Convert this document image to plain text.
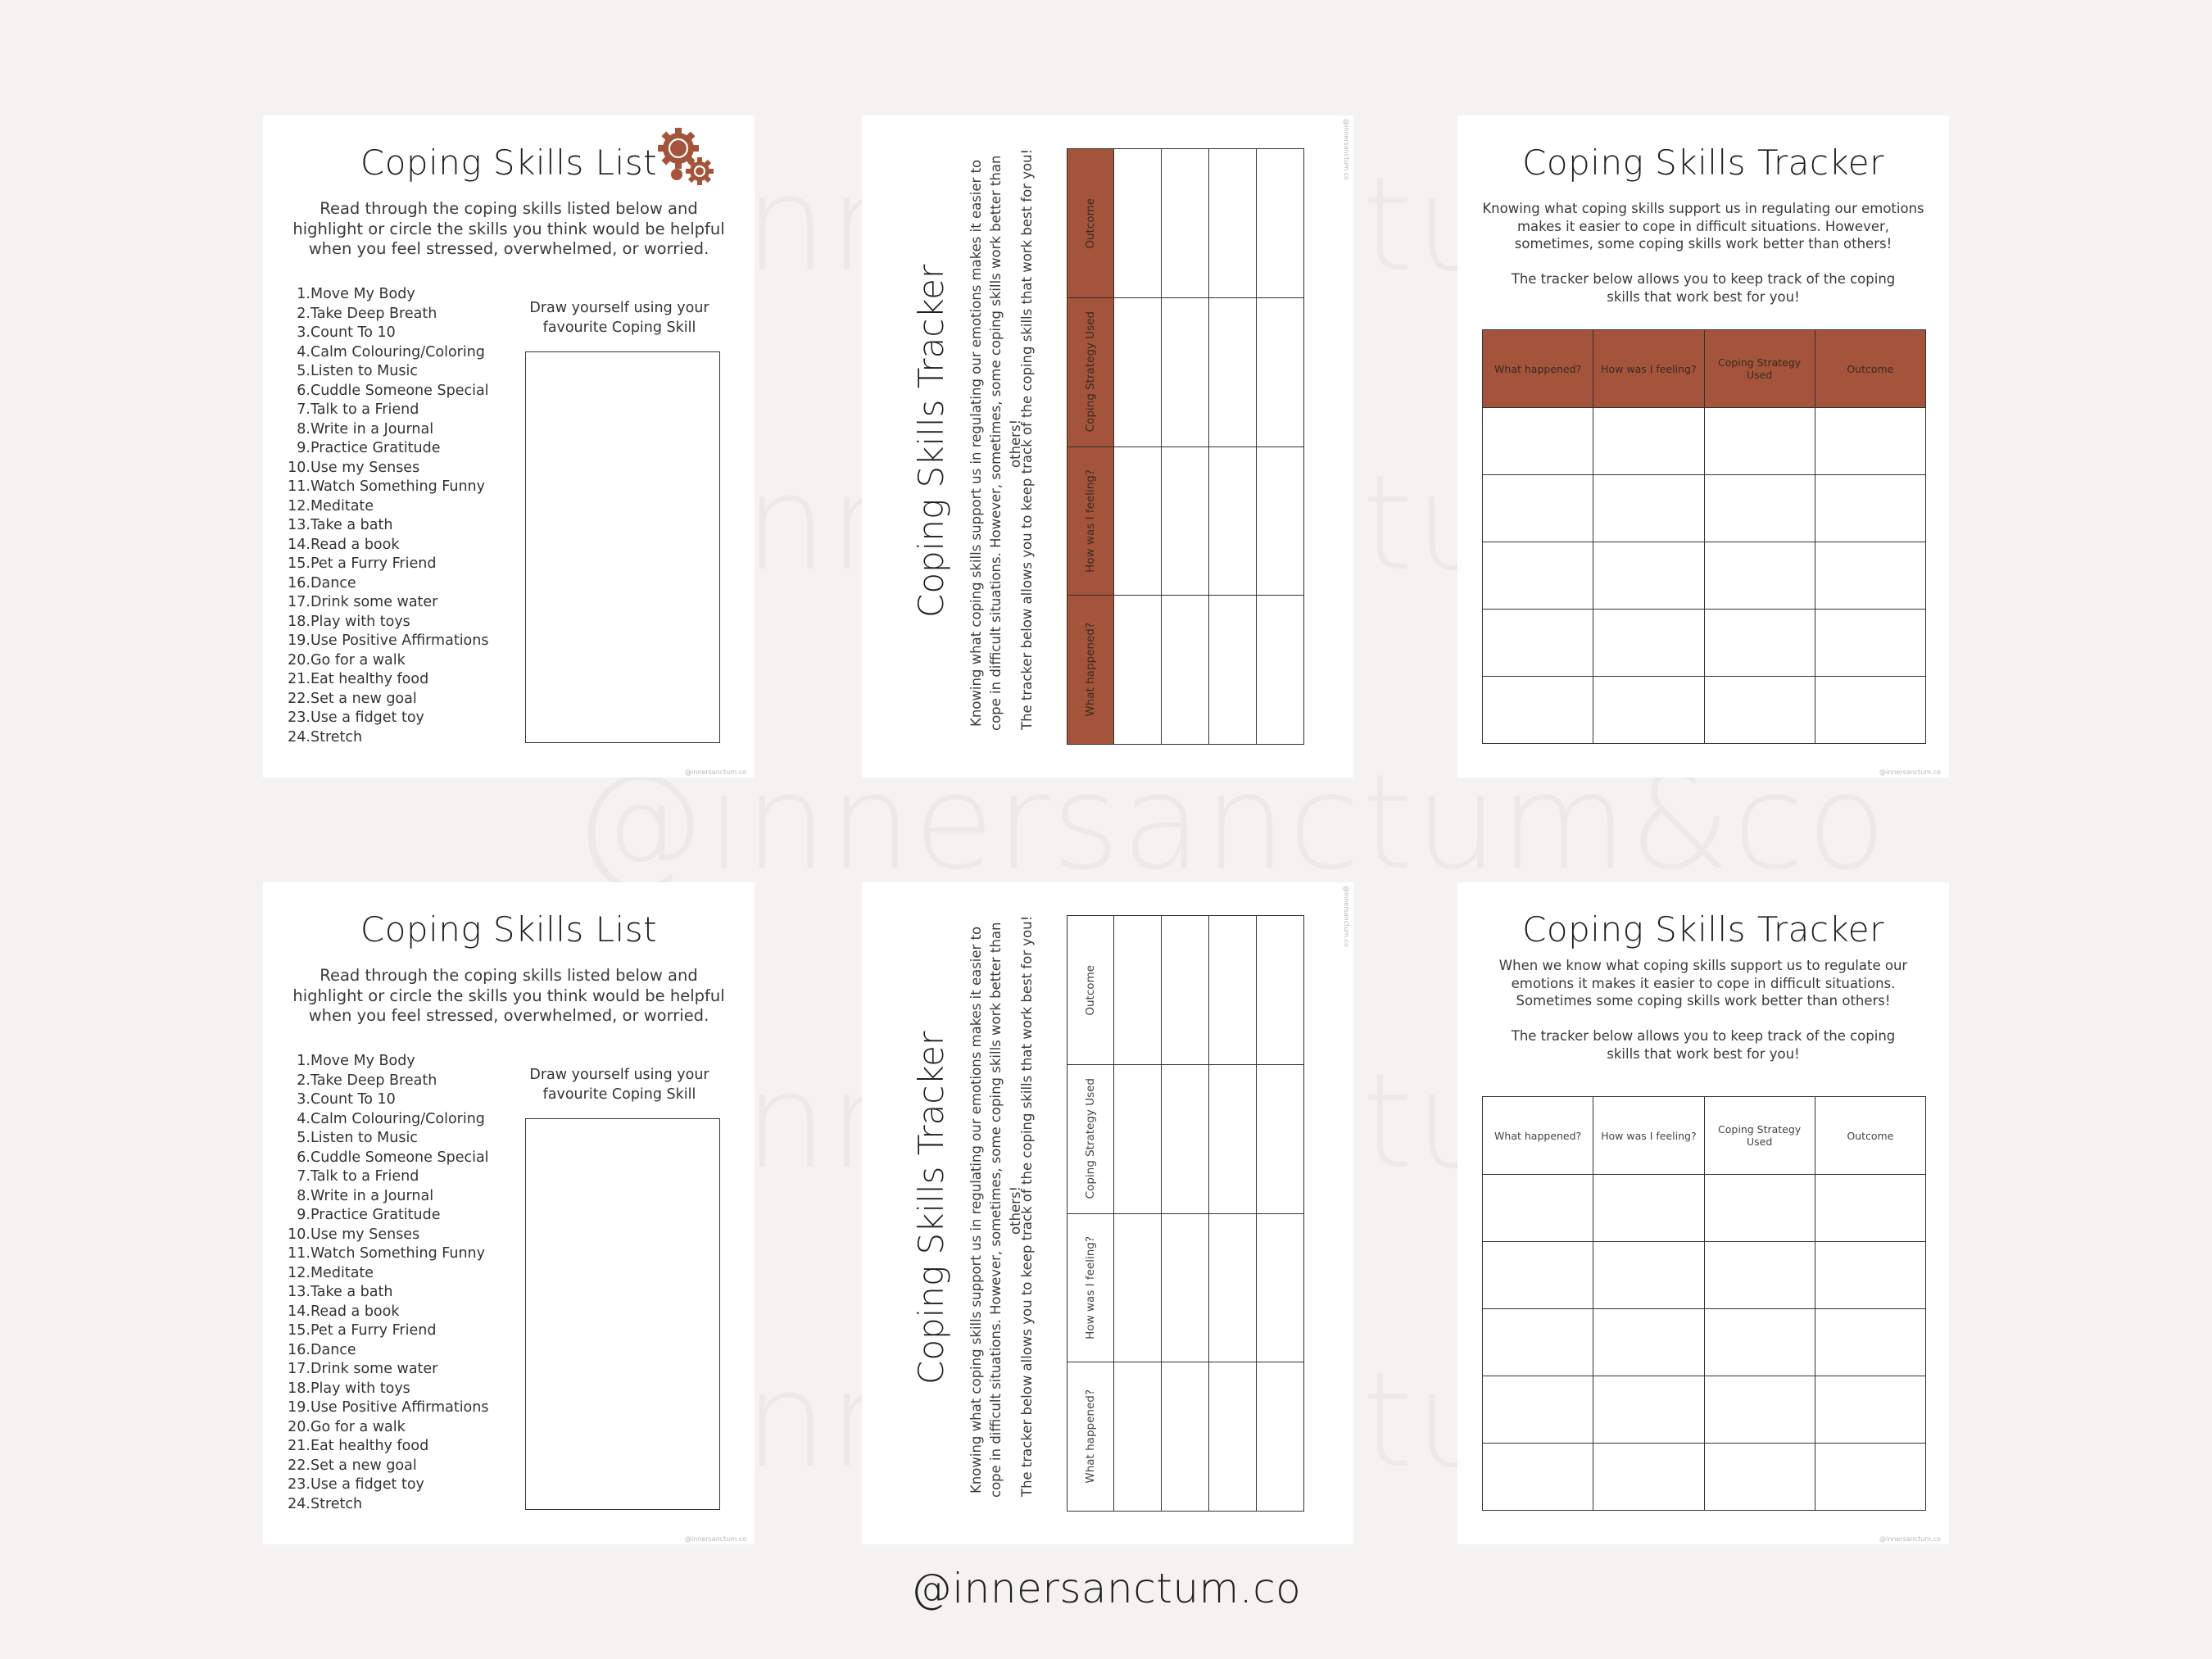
Coping Skills List
Read through the coping skills listed below and highlight or circle the skills you think would be helpful when you feel stressed, overwhelmed, or worried.
1. Move My Body
2. Take Deep Breath
3. Count To 10
4. Calm Colouring/Coloring
5. Listen to Music
6. Cuddle Someone Special
7. Talk to a Friend
8. Write in a Journal
9. Practice Gratitude
10. Use my Senses
11. Watch Something Funny
12. Meditate
13. Take a bath
14. Read a book
15. Pet a Furry Friend
16. Dance
17. Drink some water
18. Play with toys
19. Use Positive Affirmations
20. Go for a walk
21. Eat healthy food
22. Set a new goal
23. Use a fidget toy
24. Stretch
Draw yourself using your favourite Coping Skill
@innersanctum.co
Coping Skills Tracker Knowing what coping skills support us in regulating our emotions makes it easier to cope in difficult situations. However, sometimes, some coping skills work better than others!
The tracker below allows you to keep track of the coping skills that work best for you!	Outcome				

Coping Strategy Used				

How was I feeling?				

What happened?				

@innersanctum.co	Coping Skills Tracker
Knowing what coping skills support us in regulating our emotions makes it easier to cope in difficult situations. However, sometimes, some coping skills work better than others!
The tracker below allows you to keep track of the coping skills that work best for you!
What happened?	How was I feeling?	Coping Strategy Used	Outcome

@innersanctum.co
Coping Skills List
Read through the coping skills listed below and highlight or circle the skills you think would be helpful when you feel stressed, overwhelmed, or worried.
1. Move My Body
2. Take Deep Breath
3. Count To 10
4. Calm Colouring/Coloring
5. Listen to Music
6. Cuddle Someone Special
7. Talk to a Friend
8. Write in a Journal
9. Practice Gratitude
10. Use my Senses
11. Watch Something Funny
12. Meditate
13. Take a bath
14. Read a book
15. Pet a Furry Friend
16. Dance
17. Drink some water
18. Play with toys
19. Use Positive Affirmations
20. Go for a walk
21. Eat healthy food
22. Set a new goal
23. Use a fidget toy
24. Stretch
Draw yourself using your favourite Coping Skill
@innersanctum.co
Coping Skills Tracker Knowing what coping skills support us in regulating our emotions makes it easier to cope in difficult situations. However, sometimes, some coping skills work better than others!
The tracker below allows you to keep track of the coping skills that work best for you!	Outcome				

Coping Strategy Used				

How was I feeling?				

What happened?				

@innersanctum.co	Coping Skills Tracker
When we know what coping skills support us to regulate our emotions it makes it easier to cope in difficult situations. Sometimes some coping skills work better than others!
The tracker below allows you to keep track of the coping skills that work best for you!
What happened?	How was I feeling?	Coping Strategy Used	Outcome

@innersanctum.co
@innersanctum.co
